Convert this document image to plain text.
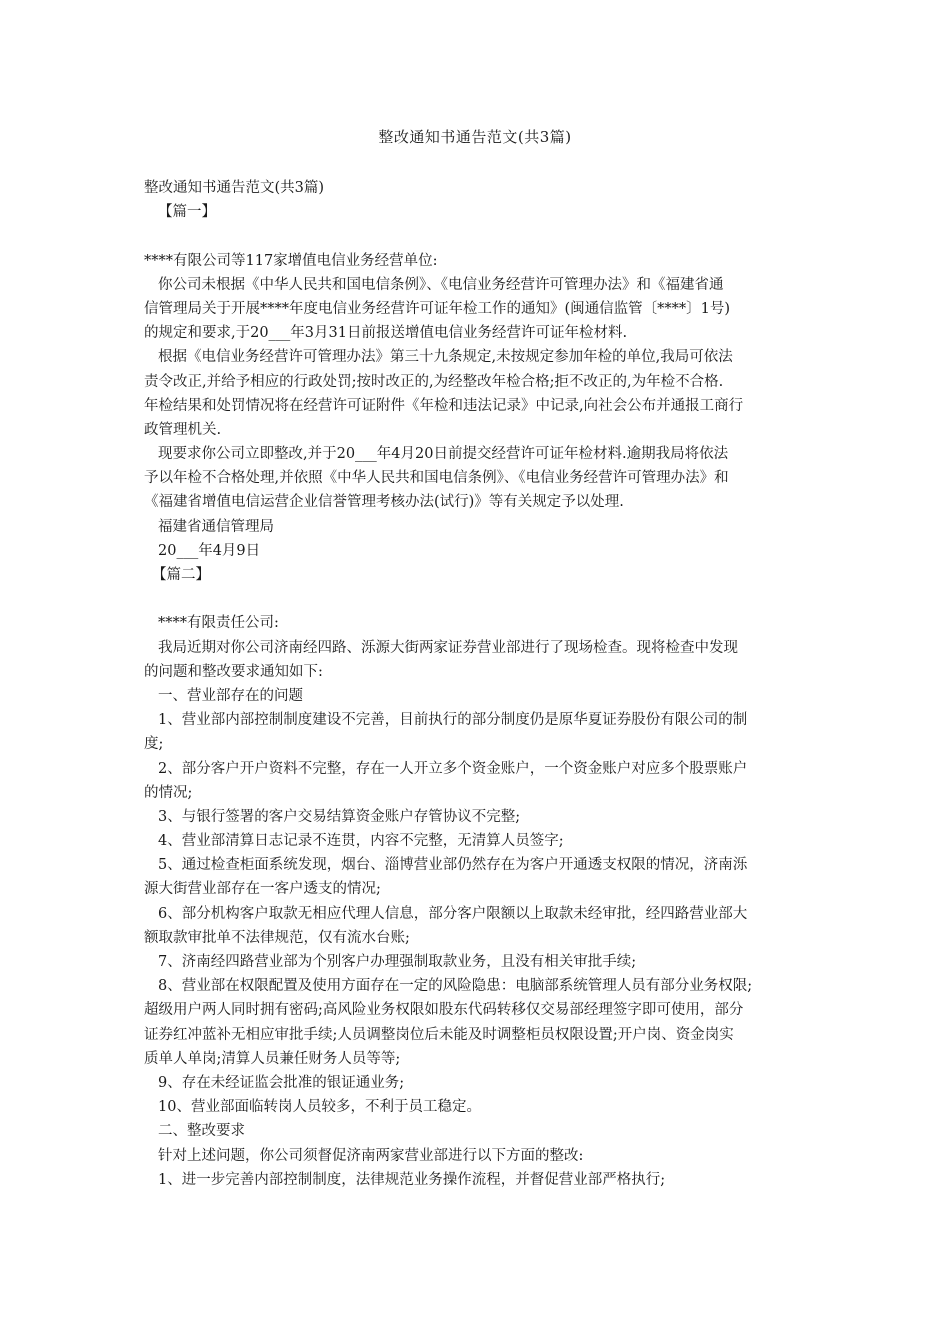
整改通知书通告范文(共3篇)
整改通知书通告范文(共3篇)
【篇一】
****有限公司等117家增值电信业务经营单位:
你公司未根据《中华人民共和国电信条例》、《电信业务经营许可管理办法》和《福建省通
信管理局关于开展****年度电信业务经营许可证年检工作的通知》(闽通信监管〔****〕1号)
的规定和要求,于20___年3月31日前报送增值电信业务经营许可证年检材料.
根据《电信业务经营许可管理办法》第三十九条规定,未按规定参加年检的单位,我局可依法
责令改正,并给予相应的行政处罚;按时改正的,为经整改年检合格;拒不改正的,为年检不合格.
年检结果和处罚情况将在经营许可证附件《年检和违法记录》中记录,向社会公布并通报工商行
政管理机关.
现要求你公司立即整改,并于20___年4月20日前提交经营许可证年检材料.逾期我局将依法
予以年检不合格处理,并依照《中华人民共和国电信条例》、《电信业务经营许可管理办法》和
《福建省增值电信运营企业信誉管理考核办法(试行)》等有关规定予以处理.
福建省通信管理局
20___年4月9日
【篇二】
****有限责任公司:
我局近期对你公司济南经四路、泺源大街两家证券营业部进行了现场检查。现将检查中发现
的问题和整改要求通知如下:
一、营业部存在的问题
1、营业部内部控制制度建设不完善，目前执行的部分制度仍是原华夏证券股份有限公司的制
度;
2、部分客户开户资料不完整，存在一人开立多个资金账户，一个资金账户对应多个股票账户
的情况;
3、与银行签署的客户交易结算资金账户存管协议不完整;
4、营业部清算日志记录不连贯，内容不完整，无清算人员签字;
5、通过检查柜面系统发现，烟台、淄博营业部仍然存在为客户开通透支权限的情况，济南泺
源大街营业部存在一客户透支的情况;
6、部分机构客户取款无相应代理人信息，部分客户限额以上取款未经审批，经四路营业部大
额取款审批单不法律规范，仅有流水台账;
7、济南经四路营业部为个别客户办理强制取款业务，且没有相关审批手续;
8、营业部在权限配置及使用方面存在一定的风险隐患：电脑部系统管理人员有部分业务权限;
超级用户两人同时拥有密码;高风险业务权限如股东代码转移仅交易部经理签字即可使用，部分
证券红冲蓝补无相应审批手续;人员调整岗位后未能及时调整柜员权限设置;开户岗、资金岗实
质单人单岗;清算人员兼任财务人员等等;
9、存在未经证监会批准的银证通业务;
10、营业部面临转岗人员较多，不利于员工稳定。
二、整改要求
针对上述问题，你公司须督促济南两家营业部进行以下方面的整改:
1、进一步完善内部控制制度，法律规范业务操作流程，并督促营业部严格执行;
